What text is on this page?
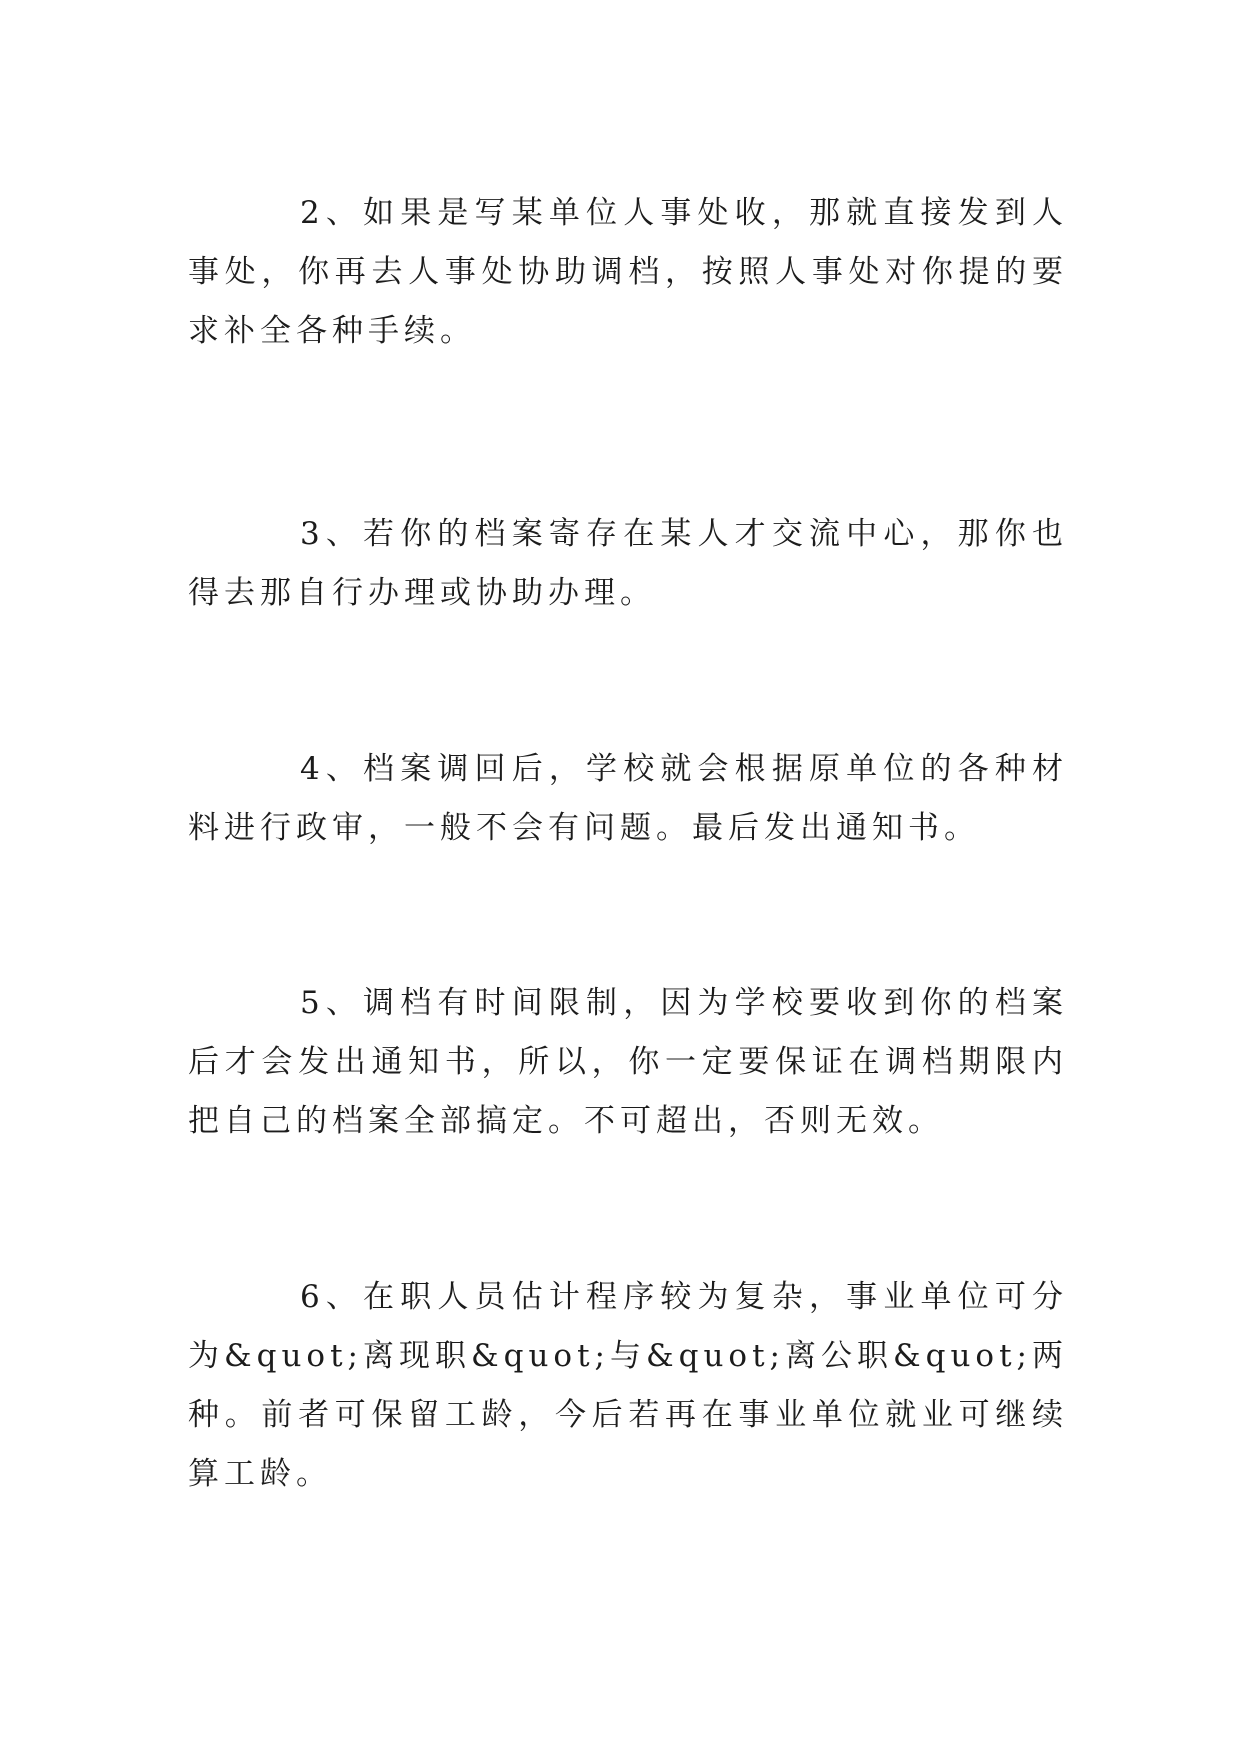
2、如果是写某单位人事处收，那就直接发到人事处，你再去人事处协助调档，按照人事处对你提的要求补全各种手续。

3、若你的档案寄存在某人才交流中心，那你也得去那自行办理或协助办理。

4、档案调回后，学校就会根据原单位的各种材料进行政审，一般不会有问题。最后发出通知书。

5、调档有时间限制，因为学校要收到你的档案后才会发出通知书，所以，你一定要保证在调档期限内把自己的档案全部搞定。不可超出，否则无效。

6、在职人员估计程序较为复杂，事业单位可分为&quot;离现职&quot;与&quot;离公职&quot;两种。前者可保留工龄，今后若再在事业单位就业可继续算工龄。
